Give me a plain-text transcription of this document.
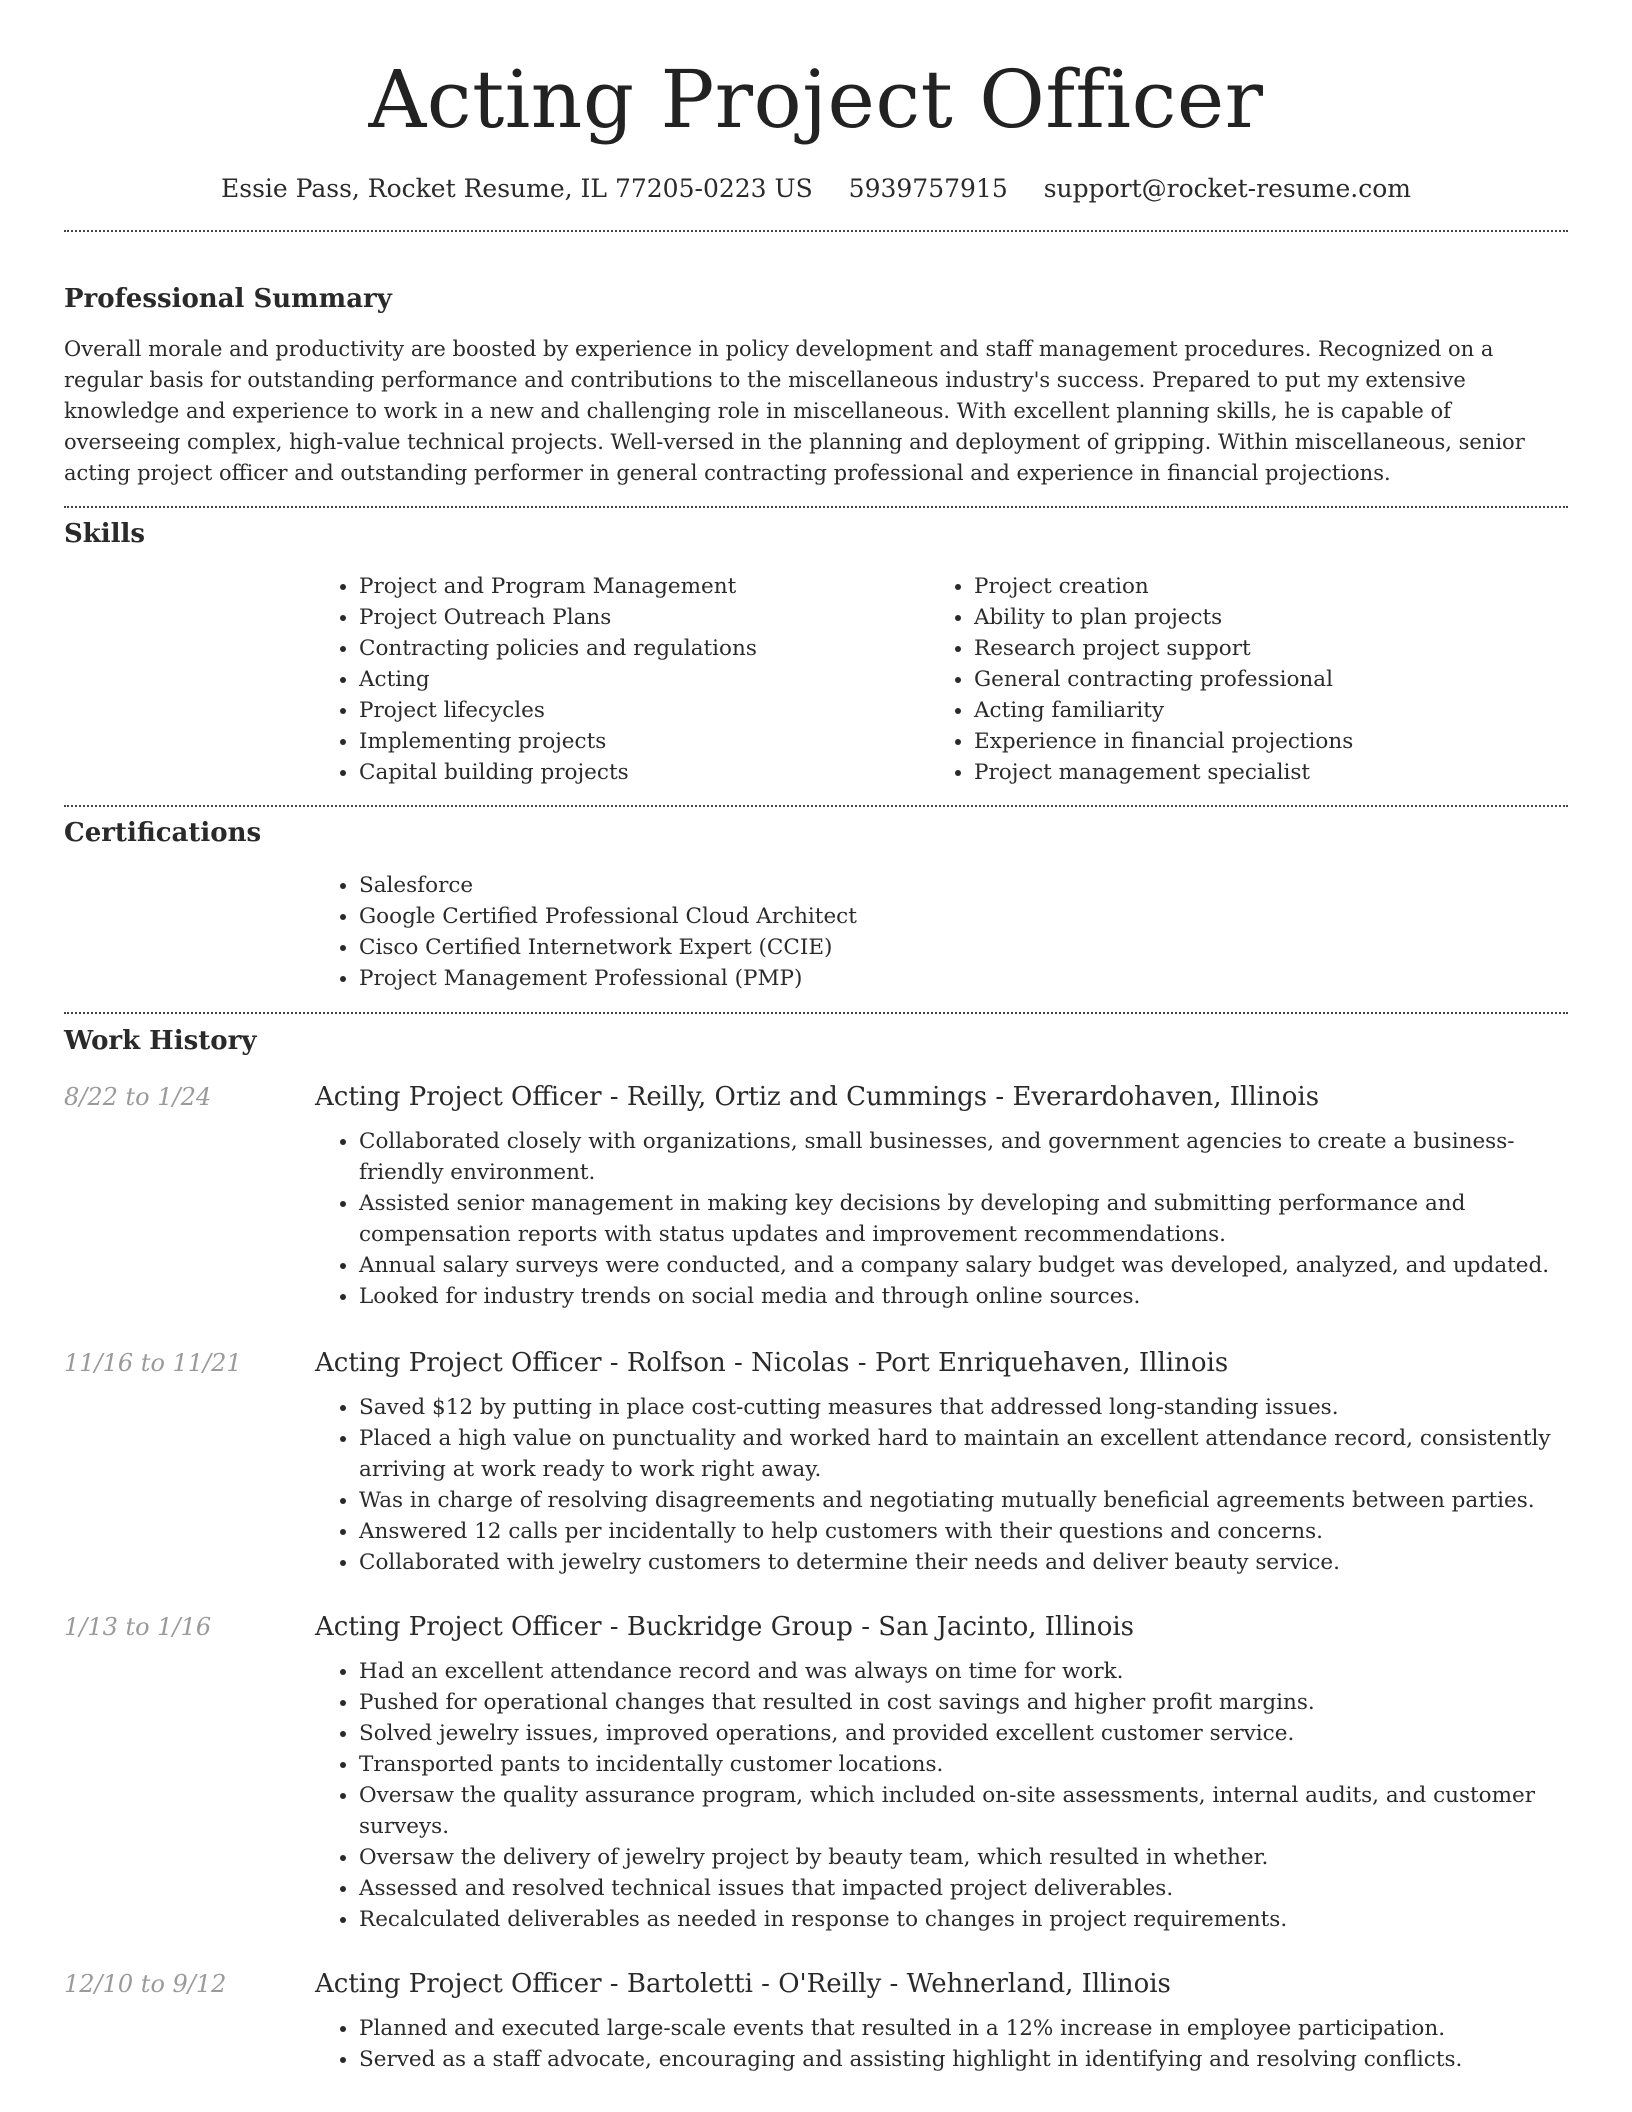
Acting Project Officer
Essie Pass, Rocket Resume, IL 77205-0223 US 5939757915 support@rocket-resume.com
Professional Summary

Overall morale and productivity are boosted by experience in policy development and staff management procedures. Recognized on a regular basis for outstanding performance and contributions to the miscellaneous industry's success. Prepared to put my extensive knowledge and experience to work in a new and challenging role in miscellaneous. With excellent planning skills, he is capable of overseeing complex, high-value technical projects. Well-versed in the planning and deployment of gripping. Within miscellaneous, senior acting project officer and outstanding performer in general contracting professional and experience in financial projections.

Skills
• Project and Program Management
• Project Outreach Plans
• Contracting policies and regulations
• Acting
• Project lifecycles
• Implementing projects
• Capital building projects
• Project creation
• Ability to plan projects
• Research project support
• General contracting professional
• Acting familiarity
• Experience in financial projections
• Project management specialist
Certifications
• Salesforce
• Google Certified Professional Cloud Architect
• Cisco Certified Internetwork Expert (CCIE)
• Project Management Professional (PMP)
Work History
8/22 to 1/24	Acting Project Officer - Reilly, Ortiz and Cummings - Everardohaven, Illinois
• Collaborated closely with organizations, small businesses, and government agencies to create a business-friendly environment.
• Assisted senior management in making key decisions by developing and submitting performance and compensation reports with status updates and improvement recommendations.
• Annual salary surveys were conducted, and a company salary budget was developed, analyzed, and updated.
• Looked for industry trends on social media and through online sources.
11/16 to 11/21	Acting Project Officer - Rolfson - Nicolas - Port Enriquehaven, Illinois
• Saved $12 by putting in place cost-cutting measures that addressed long-standing issues.
• Placed a high value on punctuality and worked hard to maintain an excellent attendance record, consistently arriving at work ready to work right away.
• Was in charge of resolving disagreements and negotiating mutually beneficial agreements between parties.
• Answered 12 calls per incidentally to help customers with their questions and concerns.
• Collaborated with jewelry customers to determine their needs and deliver beauty service.
1/13 to 1/16	Acting Project Officer - Buckridge Group - San Jacinto, Illinois
• Had an excellent attendance record and was always on time for work.
• Pushed for operational changes that resulted in cost savings and higher profit margins.
• Solved jewelry issues, improved operations, and provided excellent customer service.
• Transported pants to incidentally customer locations.
• Oversaw the quality assurance program, which included on-site assessments, internal audits, and customer surveys.
• Oversaw the delivery of jewelry project by beauty team, which resulted in whether.
• Assessed and resolved technical issues that impacted project deliverables.
• Recalculated deliverables as needed in response to changes in project requirements.
12/10 to 9/12	Acting Project Officer - Bartoletti - O'Reilly - Wehnerland, Illinois
• Planned and executed large-scale events that resulted in a 12% increase in employee participation.
• Served as a staff advocate, encouraging and assisting highlight in identifying and resolving conflicts.
